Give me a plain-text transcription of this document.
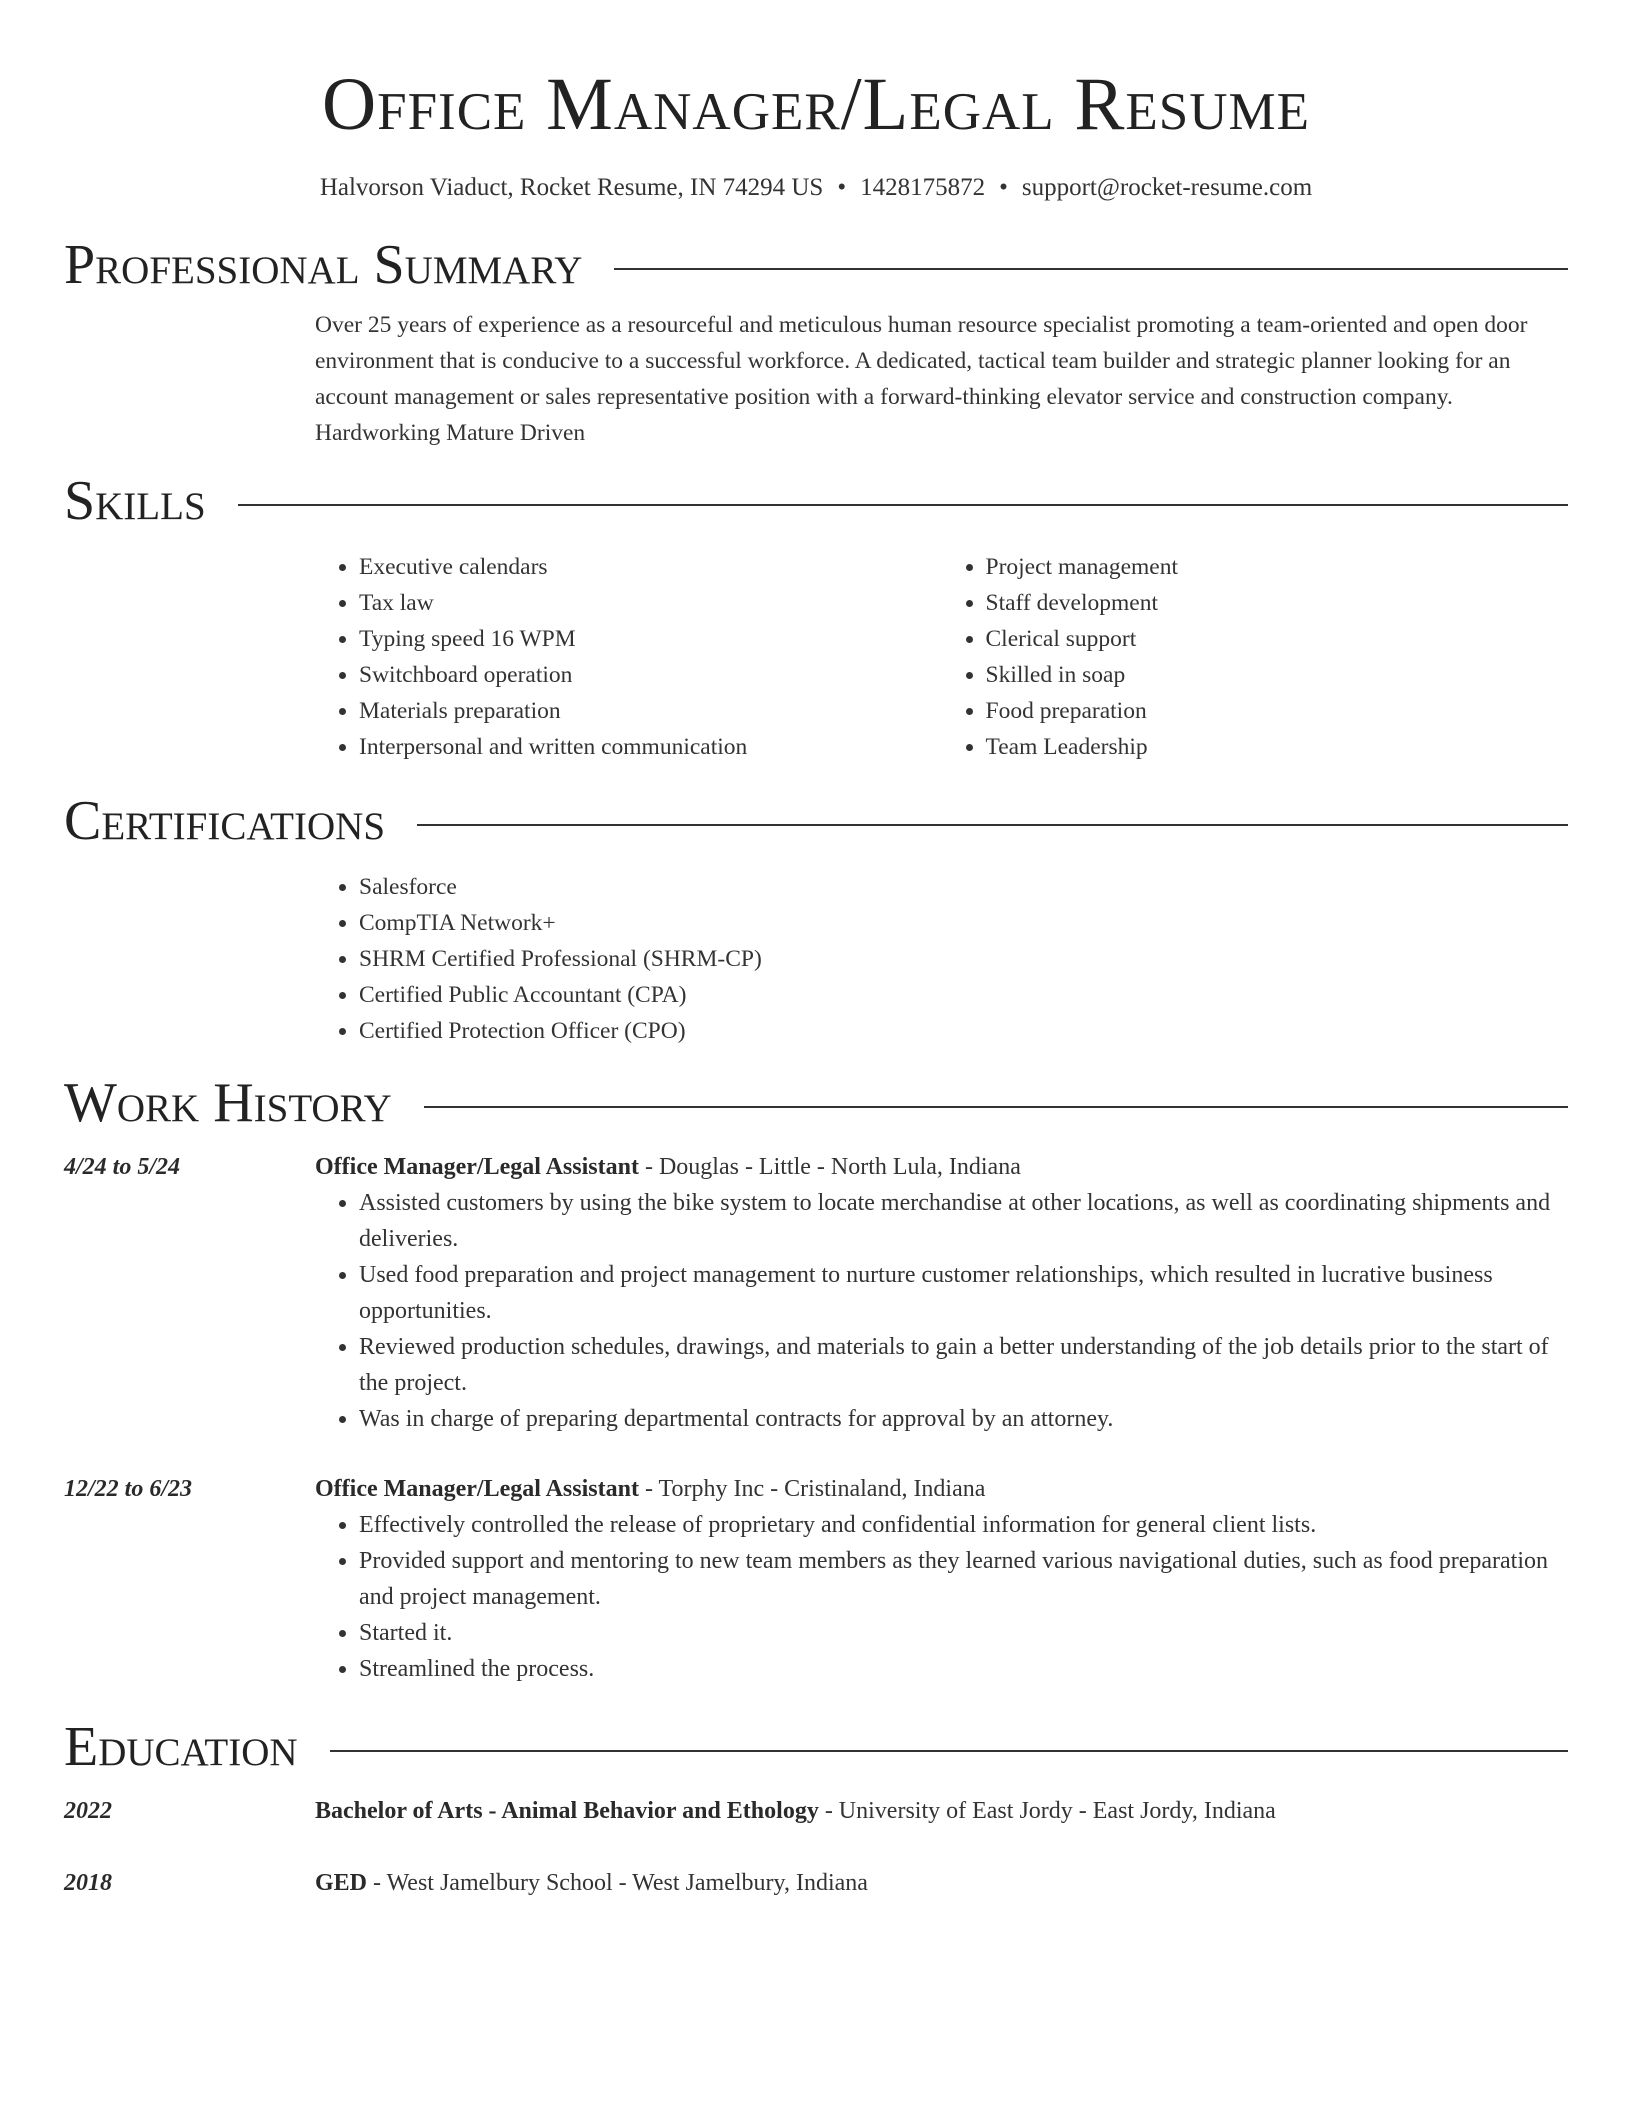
Office Manager/Legal Resume
Halvorson Viaduct, Rocket Resume, IN 74294 US • 1428175872 • support@rocket-resume.com
Professional Summary
Over 25 years of experience as a resourceful and meticulous human resource specialist promoting a team-oriented and open door environment that is conducive to a successful workforce. A dedicated, tactical team builder and strategic planner looking for an account management or sales representative position with a forward-thinking elevator service and construction company. Hardworking Mature Driven
Skills
• Executive calendars
• Tax law
• Typing speed 16 WPM
• Switchboard operation
• Materials preparation
• Interpersonal and written communication
• Project management
• Staff development
• Clerical support
• Skilled in soap
• Food preparation
• Team Leadership
Certifications
• Salesforce
• CompTIA Network+
• SHRM Certified Professional (SHRM-CP)
• Certified Public Accountant (CPA)
• Certified Protection Officer (CPO)
Work History
4/24 to 5/24	Office Manager/Legal Assistant - Douglas - Little - North Lula, Indiana
• Assisted customers by using the bike system to locate merchandise at other locations, as well as coordinating shipments and deliveries.
• Used food preparation and project management to nurture customer relationships, which resulted in lucrative business opportunities.
• Reviewed production schedules, drawings, and materials to gain a better understanding of the job details prior to the start of the project.
• Was in charge of preparing departmental contracts for approval by an attorney.
12/22 to 6/23	Office Manager/Legal Assistant - Torphy Inc - Cristinaland, Indiana
• Effectively controlled the release of proprietary and confidential information for general client lists.
• Provided support and mentoring to new team members as they learned various navigational duties, such as food preparation and project management.
• Started it.
• Streamlined the process.
Education
2022	Bachelor of Arts - Animal Behavior and Ethology - University of East Jordy - East Jordy, Indiana
2018	GED - West Jamelbury School - West Jamelbury, Indiana
